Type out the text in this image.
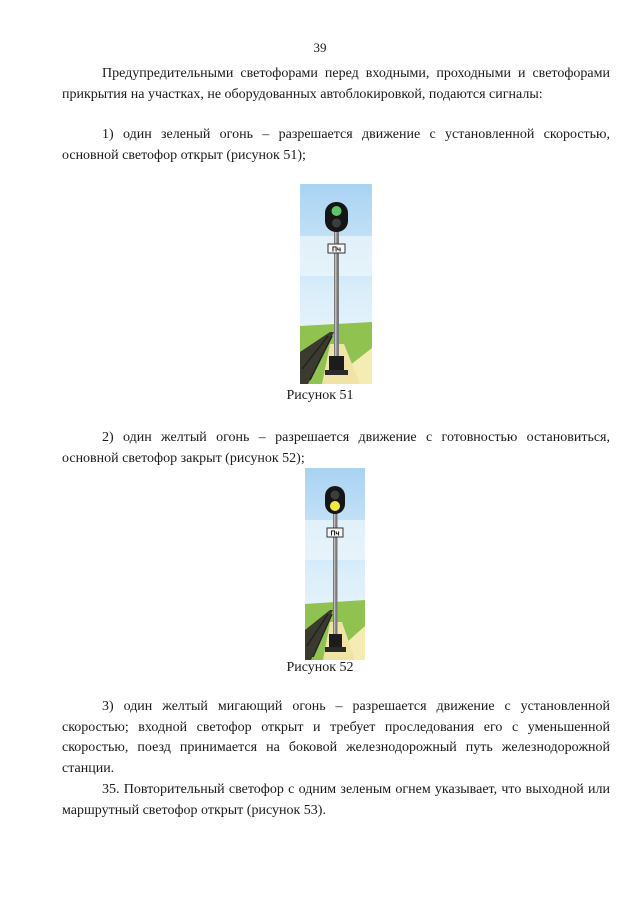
39

Предупредительными светофорами перед входными, проходными и светофорами прикрытия на участках, не оборудованных автоблокировкой, подаются сигналы:

1) один зеленый огонь – разрешается движение с установленной скоростью, основной светофор открыт (рисунок 51);

Пч
Рисунок 51

2) один желтый огонь – разрешается движение с готовностью остановиться, основной светофор закрыт (рисунок 52);

Пч
Рисунок 52

3) один желтый мигающий огонь – разрешается движение с установленной скоростью; входной светофор открыт и требует проследования его с уменьшенной скоростью, поезд принимается на боковой железнодорожный путь железнодорожной станции.

35. Повторительный светофор с одним зеленым огнем указывает, что выходной или маршрутный светофор открыт (рисунок 53).
